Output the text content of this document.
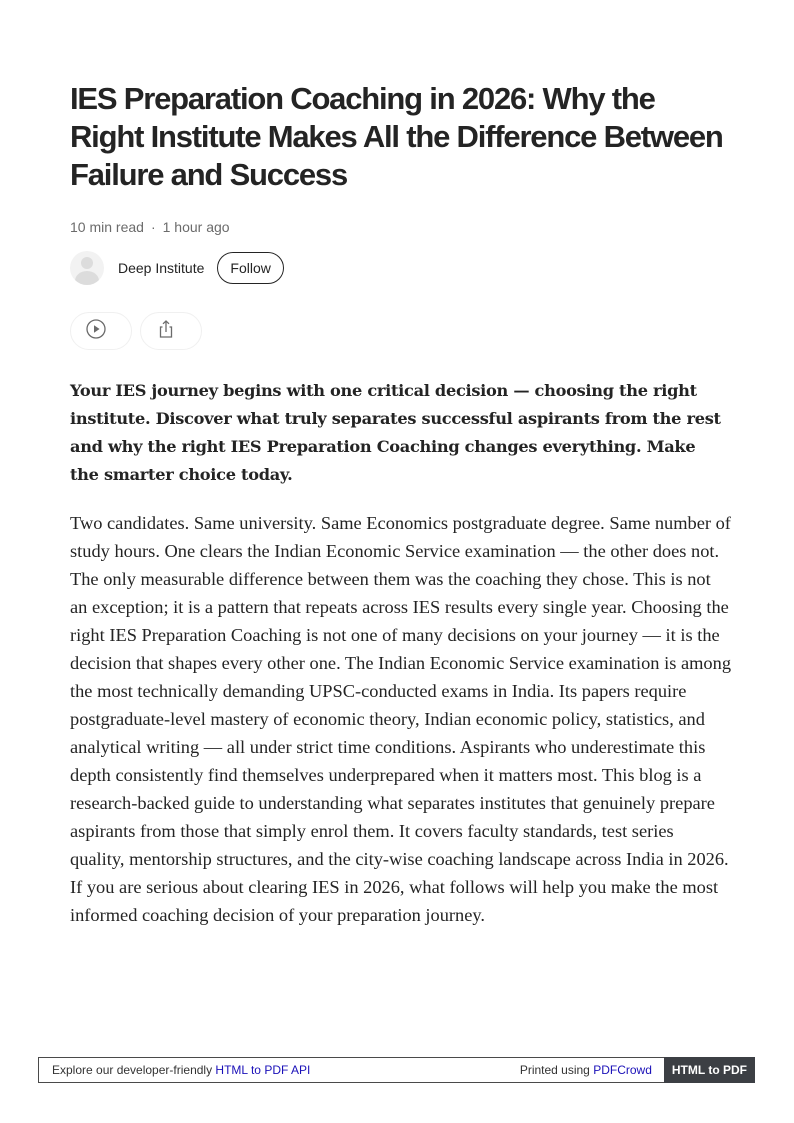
IES Preparation Coaching in 2026: Why the Right Institute Makes All the Difference Between Failure and Success
10 min read · 1 hour ago
Deep Institute	Follow

Your IES journey begins with one critical decision — choosing the right institute. Discover what truly separates successful aspirants from the rest and why the right IES Preparation Coaching changes everything. Make the smarter choice today.

Two candidates. Same university. Same Economics postgraduate degree. Same number of study hours. One clears the Indian Economic Service examination — the other does not. The only measurable difference between them was the coaching they chose. This is not an exception; it is a pattern that repeats across IES results every single year. Choosing the right IES Preparation Coaching is not one of many decisions on your journey — it is the decision that shapes every other one. The Indian Economic Service examination is among the most technically demanding UPSC-conducted exams in India. Its papers require postgraduate-level mastery of economic theory, Indian economic policy, statistics, and analytical writing — all under strict time conditions. Aspirants who underestimate this depth consistently find themselves underprepared when it matters most. This blog is a research-backed guide to understanding what separates institutes that genuinely prepare aspirants from those that simply enrol them. It covers faculty standards, test series quality, mentorship structures, and the city-wise coaching landscape across India in 2026. If you are serious about clearing IES in 2026, what follows will help you make the most informed coaching decision of your preparation journey.

Explore our developer-friendly HTML to PDF API	Printed using PDFCrowd	HTML to PDF
